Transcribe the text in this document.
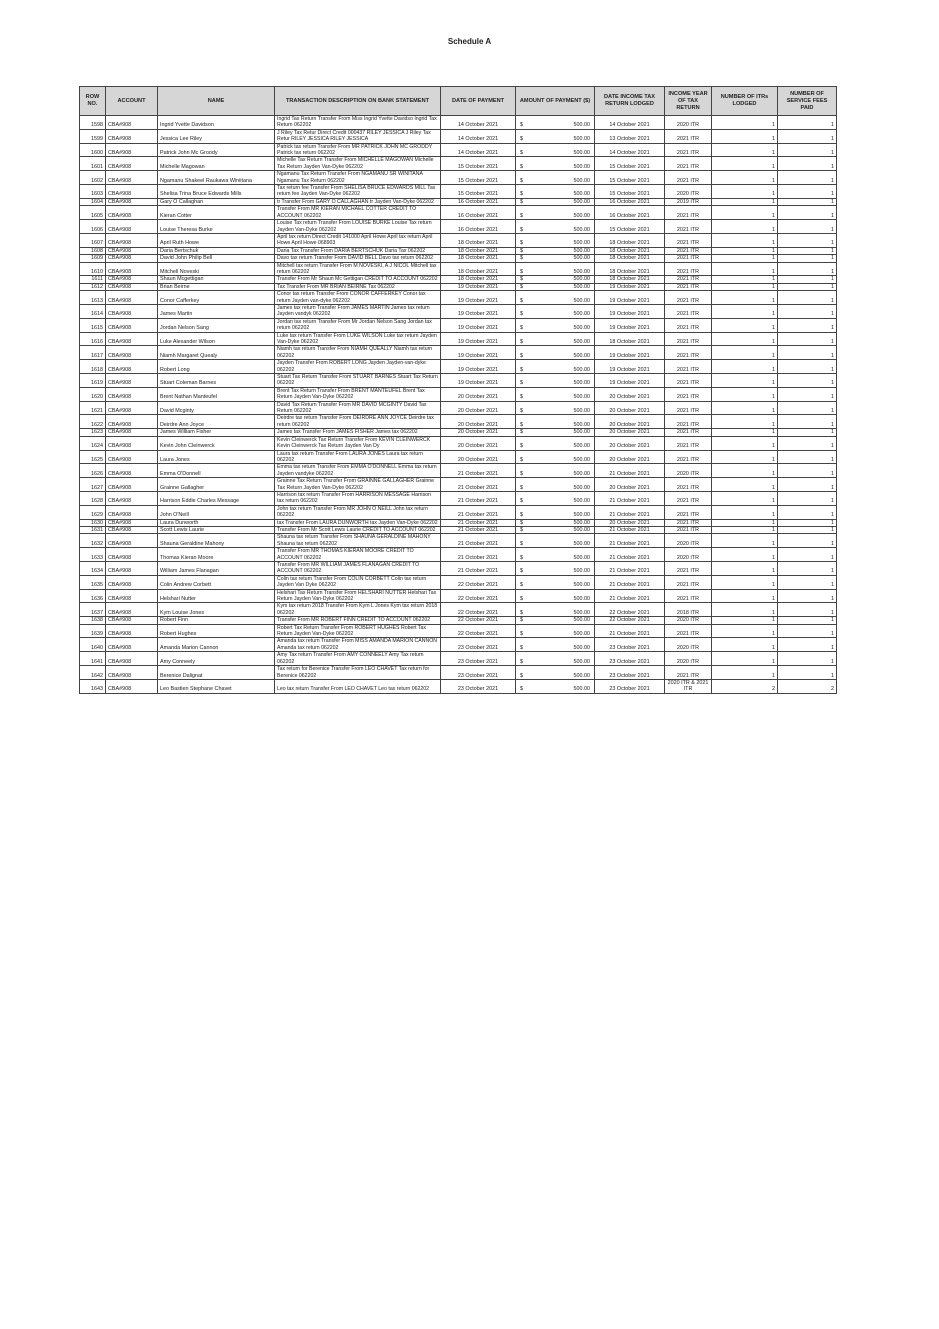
Schedule A
ROW NO.	ACCOUNT	NAME	TRANSACTION DESCRIPTION ON BANK STATEMENT	DATE OF PAYMENT	AMOUNT OF PAYMENT ($)	DATE INCOME TAX RETURN LODGED	INCOME YEAR OF TAX RETURN	NUMBER OF ITRs LODGED	NUMBER OF SERVICE FEES PAID
1598	CBA#908	Ingrid Yvette Davidson	Ingrid Tax Return Transfer From Miss Ingrid Yvette Davidso Ingrid Tax Return 062202	14 October 2021	$ 500.00	14 October 2021	2020 ITR	1	1
1599	CBA#908	Jessica Lee Riley	J Riley Tax Retur Direct Credit 000437 RILEY JESSICA J Riley Tax Retur RILEY JESSICA RILEY JESSICA	14 October 2021	$ 500.00	13 October 2021	2021 ITR	1	1
1600	CBA#908	Patrick John Mc Groody	Patrick tax return Transfer From MR PATRICK JOHN MC GRODDY Patrick tax return 062202	14 October 2021	$ 500.00	14 October 2021	2021 ITR	1	1
1601	CBA#908	Michelle Magowan	Michelle Tax Return Transfer From MICHELLE MAGOWAN Michelle Tax Return Jayden Van-Dyke 062202	15 October 2021	$ 500.00	15 October 2021	2021 ITR	1	1
1602	CBA#908	Ngamanu Shakeel Raukawa Winiitana	Ngamanu Tax Return Transfer From NGAMANU SR WINITANA Ngamanu Tax Return 062202	15 October 2021	$ 500.00	15 October 2021	2021 ITR	1	1
1603	CBA#908	Shelisa Trina Bruce Edwards Mills	Tax return fee Transfer From SHELISA BRUCE EDWARDS MILL Tax return fee Jayden Van-Dyke 062202	15 October 2021	$ 500.00	15 October 2021	2020 ITR	1	1
1604	CBA#908	Gary O Callaghan	tr Transfer From GARY O CALLAGHAN tr Jayden Van-Dyke 062202	16 October 2021	$ 500.00	16 October 2021	2019 ITR	1	1
1605	CBA#908	Kieran Cotter	Transfer From MR KIERAN MICHAEL COTTER CREDIT TO ACCOUNT 062202	16 October 2021	$ 500.00	16 October 2021	2021 ITR	1	1
1606	CBA#908	Louise Theresa Burke	Louise Tax return Transfer From LOUISE BURKE Louise Tax return Jayden Van-Dyke 062202	16 October 2021	$ 500.00	15 October 2021	2021 ITR	1	1
1607	CBA#908	April Ruth Howe	April tax return Direct Credit 141000 April Howe April tax return April Howe April Howe 068903	18 October 2021	$ 500.00	18 October 2021	2021 ITR	1	1
1608	CBA#908	Daria Bertschuk	Daria Tax Transfer From DARIA BERTSCHUK Daria Tax 062202	18 October 2021	$ 500.00	18 October 2021	2021 ITR	1	1
1609	CBA#908	David John Philip Bell	Davo tax return Transfer From DAVID BELL Davo tax return 062202	18 October 2021	$ 500.00	18 October 2021	2021 ITR	1	1
1610	CBA#908	Mitchell Noveski	Mitchell tax return Transfer From M NOVESKI, A J NICOL Mitchell tax return 062202	18 October 2021	$ 500.00	18 October 2021	2021 ITR	1	1
1611	CBA#908	Shaun Mcgettigan	Transfer From Mr Shaun Mc Gettigan CREDIT TO ACCOUNT 062202	18 October 2021	$ 500.00	18 October 2021	2021 ITR	1	1
1612	CBA#908	Brian Beirne	Tax Transfer From MR BRIAN BEIRNE Tax 062202	19 October 2021	$ 500.00	19 October 2021	2021 ITR	1	1
1613	CBA#908	Conor Cafferkey	Conor tax return Transfer From CONOR CAFFERKEY Conor tax return Jayden van-dyke 062202	19 October 2021	$ 500.00	19 October 2021	2021 ITR	1	1
1614	CBA#908	James Martin	James tax return Transfer From JAMES MARTIN James tax return Jayden vandyk 062202	19 October 2021	$ 500.00	19 October 2021	2021 ITR	1	1
1615	CBA#908	Jordan Nelson Sang	Jordan tax return Transfer From Mr Jordan Nelson Sang Jordan tax return 062202	19 October 2021	$ 500.00	19 October 2021	2021 ITR	1	1
1616	CBA#908	Luke Alexander Wilson	Luke tax return Transfer From LUKE WILSON Luke tax return Jayden Van-Dyke 062202	19 October 2021	$ 500.00	18 October 2021	2021 ITR	1	1
1617	CBA#908	Niamh Margaret Quealy	Niamh tax return Transfer From NIAMH QUEALLY Niamh tax return 062202	19 October 2021	$ 500.00	19 October 2021	2021 ITR	1	1
1618	CBA#908	Robert Long	Jayden Transfer From ROBERT LONG Jayden Jayden-van-dyke 062202	19 October 2021	$ 500.00	19 October 2021	2021 ITR	1	1
1619	CBA#908	Stuart Coleman Barnes	Stuart Tax Return Transfer From STUART BARNES Stuart Tax Return 062202	19 October 2021	$ 500.00	19 October 2021	2021 ITR	1	1
1620	CBA#908	Brent Nathan Manteufel	Brent Tax Return Transfer From BRENT MANTEUFEL Brent Tax Return Jayden Van-Dyke 062202	20 October 2021	$ 500.00	20 October 2021	2021 ITR	1	1
1621	CBA#908	David Mcginty	David Tax Return Transfer From MR DAVID MCGINTY David Tax Return 062202	20 October 2021	$ 500.00	20 October 2021	2021 ITR	1	1
1622	CBA#908	Deirdre Ann Joyce	Deirdre tax return Transfer From DEIRDRE ANN JOYCE Deirdre tax return 062202	20 October 2021	$ 500.00	20 October 2021	2021 ITR	1	1
1623	CBA#908	James William Fisher	James tax Transfer From JAMES FISHER James tax 062202	20 October 2021	$ 500.00	20 October 2021	2021 ITR	1	1
1624	CBA#908	Kevin John Cleinwerck	Kevin Cleinwerck Tax Return Transfer From KEVIN CLEINWERCK Kevin Cleinwerck Tax Return Jayden Van Dy	20 October 2021	$ 500.00	20 October 2021	2021 ITR	1	1
1625	CBA#908	Laura Jones	Laura tax return Transfer From LAURA JONES Laura tax return 062202	20 October 2021	$ 500.00	20 October 2021	2021 ITR	1	1
1626	CBA#908	Emma O'Donnell	Emma tax return Transfer From EMMA O'DONNELL Emma tax return Jayden vandyke 062202	21 October 2021	$ 500.00	21 October 2021	2020 ITR	1	1
1627	CBA#908	Grainne Gallagher	Grainne Tax Return Transfer From GRAINNE GALLAGHER Grainne Tax Return Jayden Van-Dyke 062202	21 October 2021	$ 500.00	20 October 2021	2021 ITR	1	1
1628	CBA#908	Harrison Eddie Charles Message	Harrison tax return Transfer From HARRISON MESSAGE Harrison tax return 062202	21 October 2021	$ 500.00	21 October 2021	2021 ITR	1	1
1629	CBA#908	John O'Neill	John tax return Transfer From MR JOHN O NEILL John tax return 062202	21 October 2021	$ 500.00	21 October 2021	2021 ITR	1	1
1630	CBA#908	Laura Dunworth	tax Transfer From LAURA DUNWORTH tax Jayden Van-Dyke 062202	21 October 2021	$ 500.00	20 October 2021	2021 ITR	1	1
1631	CBA#908	Scott Lewis Laurie	Transfer From Mr Scott Lewis Laurie CREDIT TO ACCOUNT 062202	21 October 2021	$ 500.00	21 October 2021	2021 ITR	1	1
1632	CBA#908	Shauna Geraldine Mahony	Shauna tax return Transfer From SHAUNA GERALDINE MAHONY Shauna tax return 062202	21 October 2021	$ 500.00	21 October 2021	2020 ITR	1	1
1633	CBA#908	Thomas Kieran Moore	Transfer From MR THOMAS KIERAN MOORE CREDIT TO ACCOUNT 062202	21 October 2021	$ 500.00	21 October 2021	2020 ITR	1	1
1634	CBA#908	William James Flanagan	Transfer From MR WILLIAM JAMES FLANAGAN CREDIT TO ACCOUNT 062202	21 October 2021	$ 500.00	21 October 2021	2021 ITR	1	1
1635	CBA#908	Colin Andrew Corbett	Colin tax return Transfer From COLIN CORBETT Colin tax return Jayden Van Dyke 062202	22 October 2021	$ 500.00	21 October 2021	2021 ITR	1	1
1636	CBA#908	Helshari Nutter	Helshari Tax Return Transfer From HELSHARI NUTTER Helshari Tax Return Jayden Van-Dyke 062202	22 October 2021	$ 500.00	21 October 2021	2021 ITR	1	1
1637	CBA#908	Kym Louise Jones	Kym tax return 2018 Transfer From Kym L Jones Kym tax return 2018 062202	22 October 2021	$ 500.00	22 October 2021	2018 ITR	1	1
1638	CBA#908	Robert Finn	Transfer From MR ROBERT FINN CREDIT TO ACCOUNT 062202	22 October 2021	$ 500.00	22 October 2021	2020 ITR	1	1
1639	CBA#908	Robert Hughes	Robert Tax Return Transfer From ROBERT HUGHES Robert Tax Return Jayden Van-Dyke 062202	22 October 2021	$ 500.00	21 October 2021	2021 ITR	1	1
1640	CBA#908	Amanda Marion Cannon	Amanda tax return Transfer From MISS AMANDA MARION CANNON Amanda tax return 062202	23 October 2021	$ 500.00	23 October 2021	2020 ITR	1	1
1641	CBA#908	Amy Conneely	Amy Tax return Transfer From AMY CONNEELY Amy Tax return 062202	23 October 2021	$ 500.00	23 October 2021	2020 ITR	1	1
1642	CBA#908	Berenice Dalignat	Tax return for Berenice Transfer From LEO CHAVET Tax return for Berenice 062202	23 October 2021	$ 500.00	23 October 2021	2021 ITR	1	1
1643	CBA#908	Leo Bastien Stephane Chavet	Leo tax return Transfer From LEO CHAVET Leo tax return 062202	23 October 2021	$ 500.00	23 October 2021	2020 ITR & 2021 ITR	2	2
